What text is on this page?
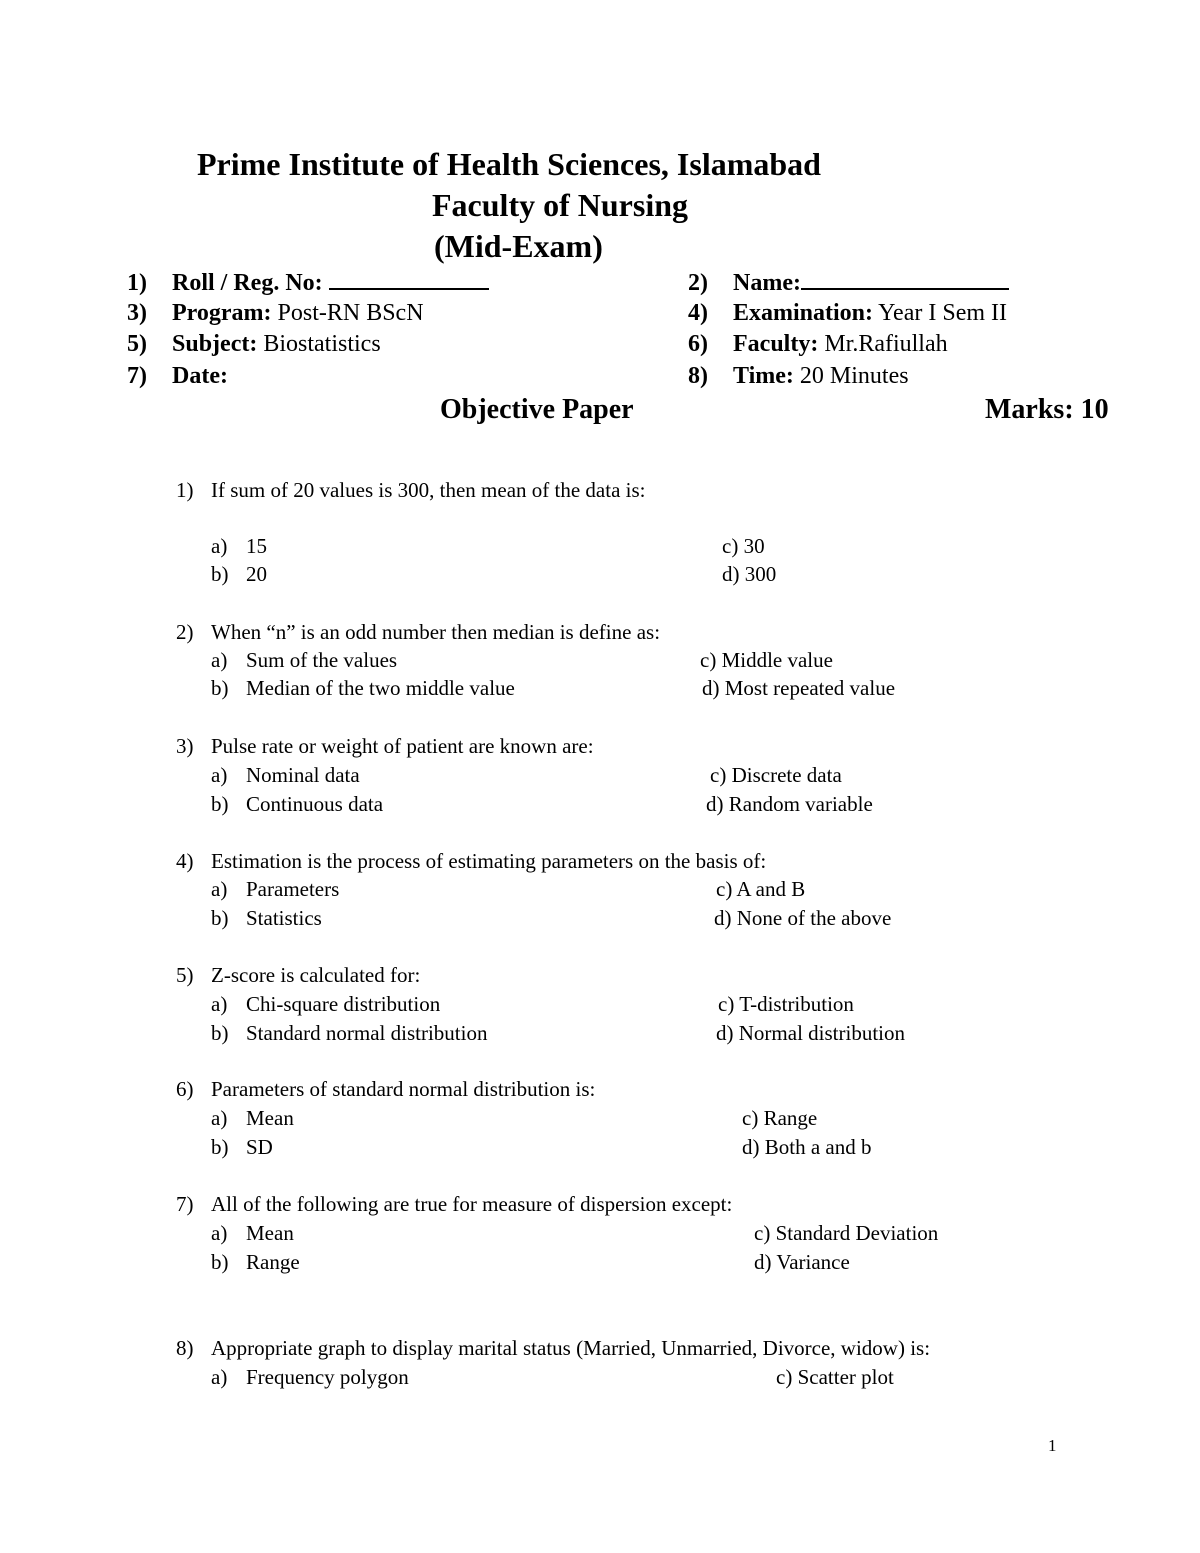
Prime Institute of Health Sciences, Islamabad
Faculty of Nursing
(Mid-Exam)
1) Roll / Reg. No:	2) Name:
3) Program: Post-RN BScN	4) Examination: Year I Sem II
5) Subject: Biostatistics	6) Faculty: Mr.Rafiullah
7) Date:	8) Time: 20 Minutes
Objective Paper	Marks: 10
1) If sum of 20 values is 300, then mean of the data is:
a) 15
b) 20
c) 30
d) 300
2) When “n” is an odd number then median is define as:
a) Sum of the values
b) Median of the two middle value
c) Middle value
d) Most repeated value
3) Pulse rate or weight of patient are known are:
a) Nominal data
b) Continuous data
c) Discrete data
d) Random variable
4) Estimation is the process of estimating parameters on the basis of:
a) Parameters
b) Statistics
c) A and B
d) None of the above
5) Z-score is calculated for:
a) Chi-square distribution
b) Standard normal distribution
c) T-distribution
d) Normal distribution
6) Parameters of standard normal distribution is:
a) Mean
b) SD
c) Range
d) Both a and b
7) All of the following are true for measure of dispersion except:
a) Mean
b) Range
c) Standard Deviation
d) Variance
8) Appropriate graph to display marital status (Married, Unmarried, Divorce, widow) is:
a) Frequency polygon	c) Scatter plot
1
